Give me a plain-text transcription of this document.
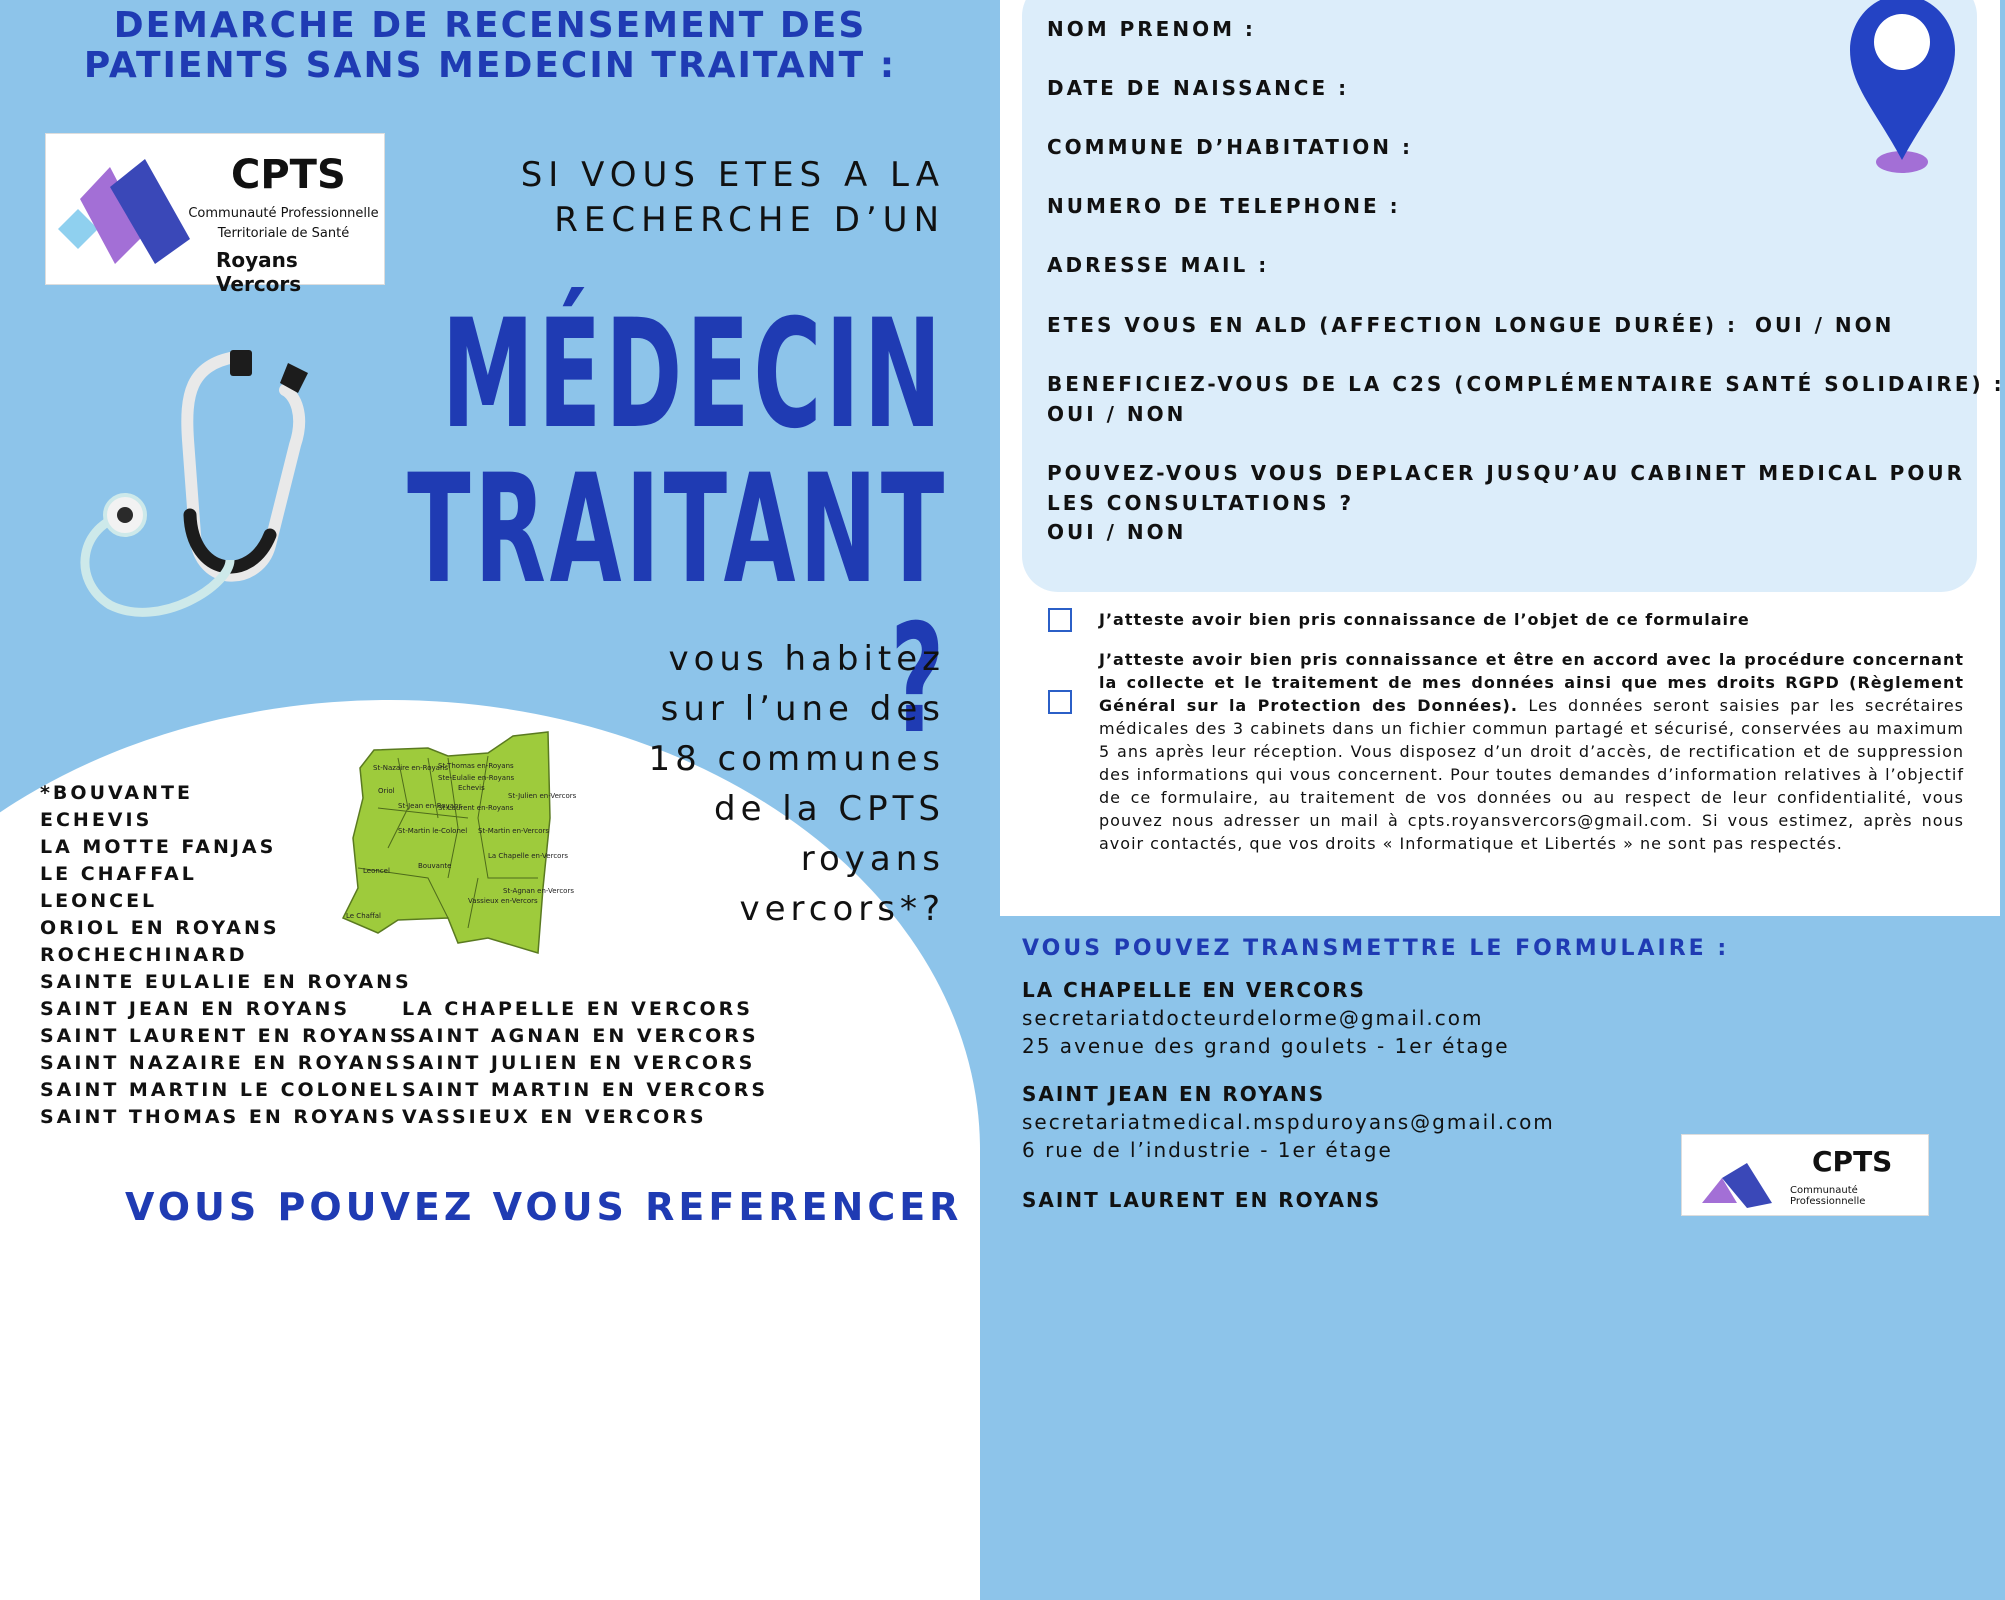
DEMARCHE DE RECENSEMENT DES
PATIENTS SANS MEDECIN TRAITANT :
CPTS
Communauté Professionnelle
Territoriale de Santé
Royans Vercors
SI VOUS ETES A LA
RECHERCHE D’UN
MÉDECIN
TRAITANT ?
vous habitez
sur l’une des
18 communes
de la CPTS
royans
vercors*?
St-Nazaire en-Royans
St-Thomas en-Royans
Ste-Eulalie en-Royans
St-Jean en-Royans
St-Laurent en-Royans
Echevis
Oriol
St-Julien en-Vercors
St-Martin en-Vercors
La Chapelle en-Vercors
St-Martin le-Colonel
Leoncel
Bouvante
Vassieux en-Vercors
St-Agnan en-Vercors
Le Chaffal
*BOUVANTE
ECHEVIS
LA MOTTE FANJAS
LE CHAFFAL
LEONCEL
ORIOL EN ROYANS
ROCHECHINARD
SAINTE EULALIE EN ROYANS
SAINT JEAN EN ROYANS
SAINT LAURENT EN ROYANS
SAINT NAZAIRE EN ROYANS
SAINT MARTIN LE COLONEL
SAINT THOMAS EN ROYANS
LA CHAPELLE EN VERCORS
SAINT AGNAN EN VERCORS
SAINT JULIEN EN VERCORS
SAINT MARTIN EN VERCORS
VASSIEUX EN VERCORS
VOUS POUVEZ VOUS REFERENCER
NOM PRENOM :
DATE DE NAISSANCE :
COMMUNE D’HABITATION :
NUMERO DE TELEPHONE :
ADRESSE MAIL :
ETES VOUS EN ALD (AFFECTION LONGUE DURÉE) : OUI / NON
BENEFICIEZ-VOUS DE LA C2S (COMPLÉMENTAIRE SANTÉ SOLIDAIRE) :
OUI / NON
POUVEZ-VOUS VOUS DEPLACER JUSQU’AU CABINET MEDICAL POUR
LES CONSULTATIONS ?
OUI / NON
J’atteste avoir bien pris connaissance de l’objet de ce formulaire
J’atteste avoir bien pris connaissance et être en accord avec la procédure concernant la collecte et le traitement de mes données ainsi que mes droits RGPD (Règlement Général sur la Protection des Données). Les données seront saisies par les secrétaires médicales des 3 cabinets dans un fichier commun partagé et sécurisé, conservées au maximum 5 ans après leur réception. Vous disposez d’un droit d’accès, de rectification et de suppression des informations qui vous concernent. Pour toutes demandes d’information relatives à l’objectif de ce formulaire, au traitement de vos données ou au respect de leur confidentialité, vous pouvez nous adresser un mail à cpts.royansvercors@gmail.com. Si vous estimez, après nous avoir contactés, que vos droits « Informatique et Libertés » ne sont pas respectés.
VOUS POUVEZ TRANSMETTRE LE FORMULAIRE :
LA CHAPELLE EN VERCORS
secretariatdocteurdelorme@gmail.com
25 avenue des grand goulets - 1er étage
SAINT JEAN EN ROYANS
secretariatmedical.mspduroyans@gmail.com
6 rue de l’industrie - 1er étage
SAINT LAURENT EN ROYANS
CPTS
Communauté Professionnelle
